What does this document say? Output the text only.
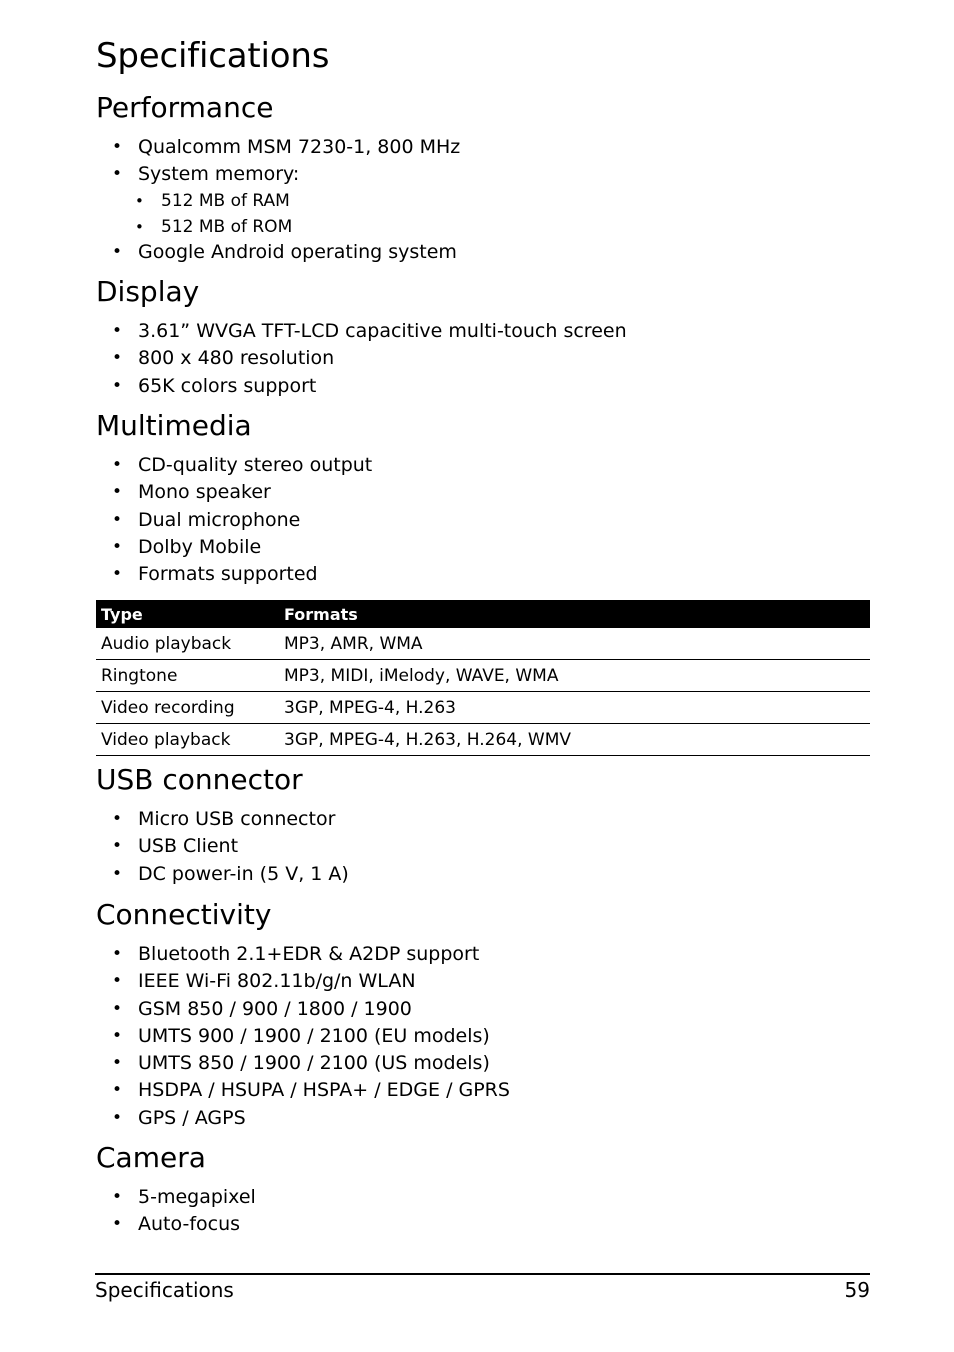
Specifications
Performance
• Qualcomm MSM 7230-1, 800 MHz
• System memory:
• 512 MB of RAM
• 512 MB of ROM
• Google Android operating system
Display
• 3.61” WVGA TFT-LCD capacitive multi-touch screen
• 800 x 480 resolution
• 65K colors support
Multimedia
• CD-quality stereo output
• Mono speaker
• Dual microphone
• Dolby Mobile
• Formats supported
Type	Formats
Audio playback	MP3, AMR, WMA
Ringtone	MP3, MIDI, iMelody, WAVE, WMA
Video recording	3GP, MPEG-4, H.263
Video playback	3GP, MPEG-4, H.263, H.264, WMV
USB connector
• Micro USB connector
• USB Client
• DC power-in (5 V, 1 A)
Connectivity
• Bluetooth 2.1+EDR & A2DP support
• IEEE Wi-Fi 802.11b/g/n WLAN
• GSM 850 / 900 / 1800 / 1900
• UMTS 900 / 1900 / 2100 (EU models)
• UMTS 850 / 1900 / 2100 (US models)
• HSDPA / HSUPA / HSPA+ / EDGE / GPRS
• GPS / AGPS
Camera
• 5-megapixel
• Auto-focus
Specifications	59
